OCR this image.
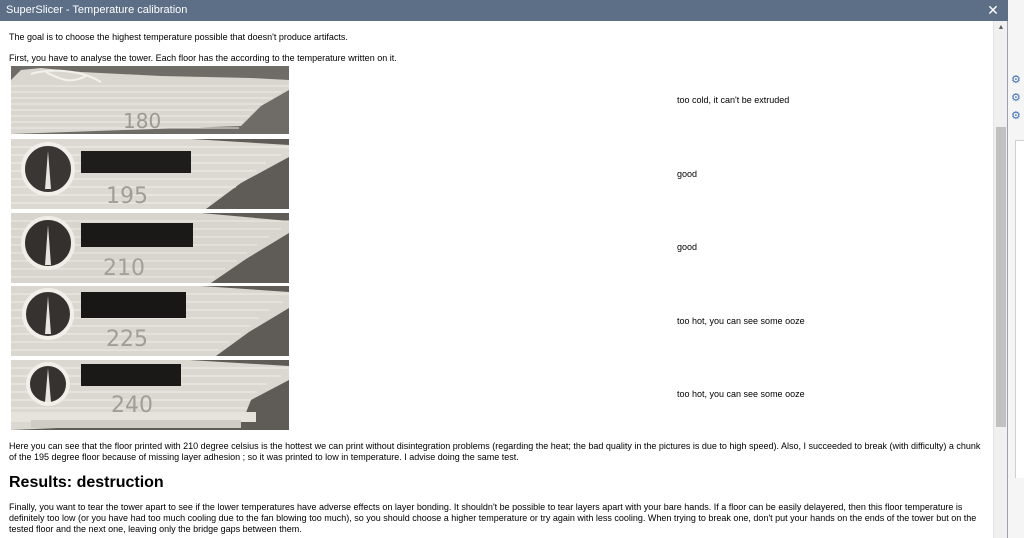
⚙
⚙
⚙
SuperSlicer - Temperature calibration	✕

The goal is to choose the highest temperature possible that doesn't produce artifacts.

First, you have to analyse the tower. Each floor has the according to the temperature written on it.

180
too cold, it can't be extruded
195
good
210
good
225
too hot, you can see some ooze
240	too hot, you can see some ooze

Here you can see that the floor printed with 210 degree celsius is the hottest we can print without disintegration problems (regarding the heat; the bad quality in the pictures is due to high speed). Also, I succeeded to break (with difficulty) a chunk of the 195 degree floor because of missing layer adhesion ; so it was printed to low in temperature. I advise doing the same test.

Results: destruction

Finally, you want to tear the tower apart to see if the lower temperatures have adverse effects on layer bonding. It shouldn't be possible to tear layers apart with your bare hands. If a floor can be easily delayered, then this floor temperature is definitely too low (or you have had too much cooling due to the fan blowing too much), so you should choose a higher temperature or try again with less cooling. When trying to break one, don't put your hands on the ends of the tower but on the tested floor and the next one, leaving only the bridge gaps between them.

▲
